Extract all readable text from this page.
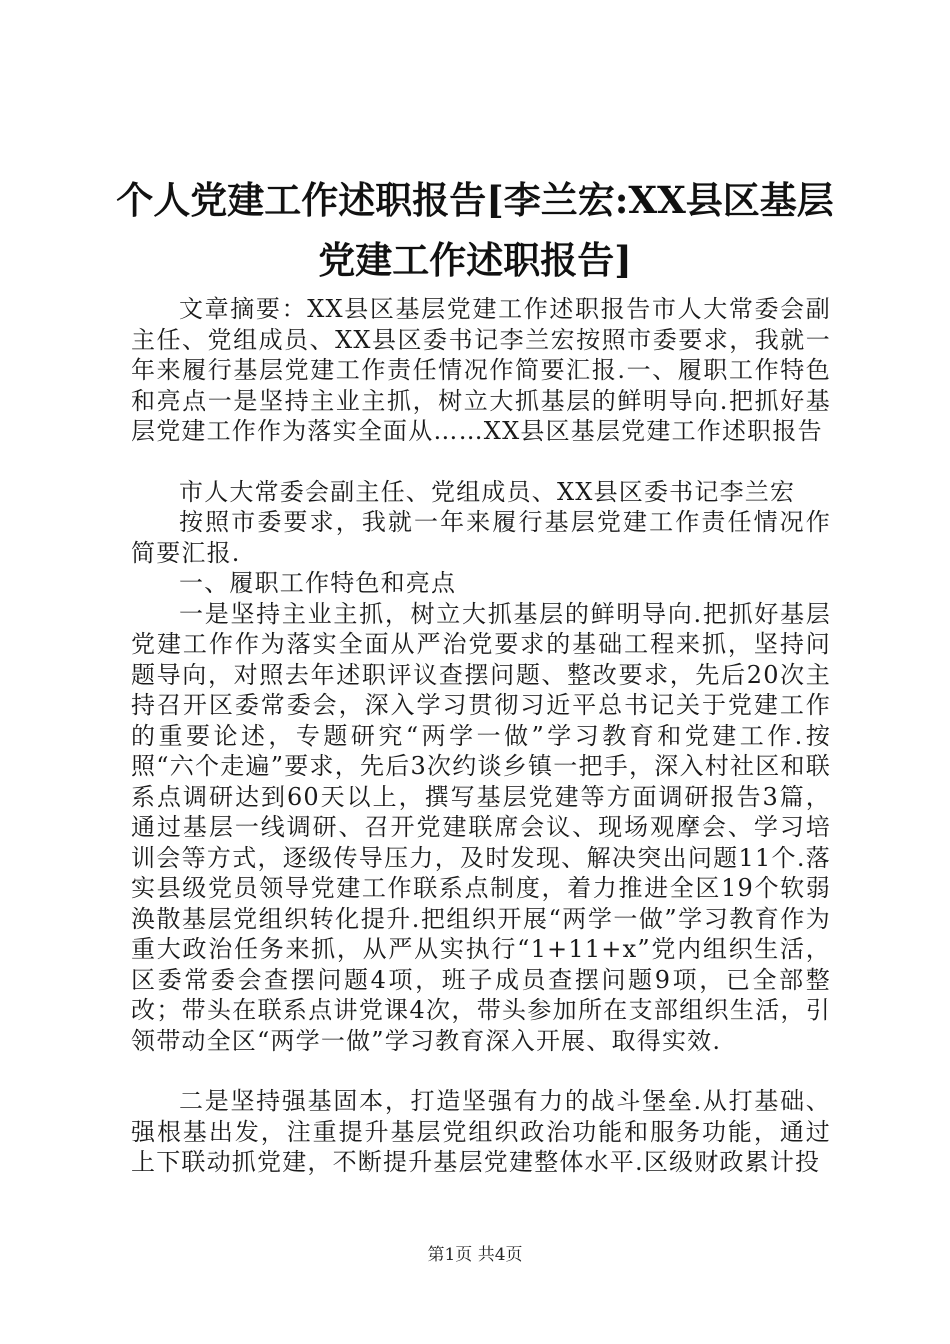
个人党建工作述职报告[李兰宏:XX县区基层党建工作述职报告]

文章摘要：XX县区基层党建工作述职报告市人大常委会副主任、党组成员、XX县区委书记李兰宏按照市委要求，我就一年来履行基层党建工作责任情况作简要汇报.一、履职工作特色和亮点一是坚持主业主抓，树立大抓基层的鲜明导向.把抓好基层党建工作作为落实全面从……XX县区基层党建工作述职报告

市人大常委会副主任、党组成员、XX县区委书记李兰宏

按照市委要求，我就一年来履行基层党建工作责任情况作简要汇报.

一、履职工作特色和亮点

一是坚持主业主抓，树立大抓基层的鲜明导向.把抓好基层党建工作作为落实全面从严治党要求的基础工程来抓，坚持问题导向，对照去年述职评议查摆问题、整改要求，先后20次主持召开区委常委会，深入学习贯彻习近平总书记关于党建工作的重要论述，专题研究“两学一做”学习教育和党建工作.按照“六个走遍”要求，先后3次约谈乡镇一把手，深入村社区和联系点调研达到60天以上，撰写基层党建等方面调研报告3篇，通过基层一线调研、召开党建联席会议、现场观摩会、学习培训会等方式，逐级传导压力，及时发现、解决突出问题11个.落实县级党员领导党建工作联系点制度，着力推进全区19个软弱涣散基层党组织转化提升.把组织开展“两学一做”学习教育作为重大政治任务来抓，从严从实执行“1+11+x”党内组织生活，区委常委会查摆问题4项，班子成员查摆问题9项，已全部整改；带头在联系点讲党课4次，带头参加所在支部组织生活，引领带动全区“两学一做”学习教育深入开展、取得实效.

二是坚持强基固本，打造坚强有力的战斗堡垒.从打基础、强根基出发，注重提升基层党组织政治功能和服务功能，通过上下联动抓党建，不断提升基层党建整体水平.区级财政累计投

第1页 共4页
